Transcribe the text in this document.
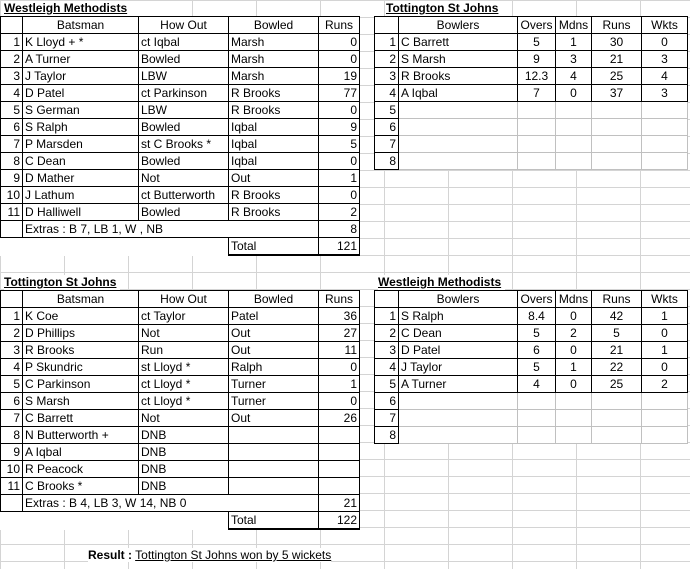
Westleigh Methodists
	Batsman	How Out	Bowled	Runs
1	K Lloyd + *	ct Iqbal	Marsh	0
2	A Turner	Bowled	Marsh	0
3	J Taylor	LBW	Marsh	19
4	D Patel	ct Parkinson	R Brooks	77
5	S German	LBW	R Brooks	0
6	S Ralph	Bowled	Iqbal	9
7	P Marsden	st C Brooks *	Iqbal	5
8	C Dean	Bowled	Iqbal	0
9	D Mather	Not	Out	1
10	J Lathum	ct Butterworth	R Brooks	0
11	D Halliwell	Bowled	R Brooks	2
	Extras : B 7, LB 1, W , NB			8
			Total	121
Tottington St Johns
	Bowlers	Overs	Mdns	Runs	Wkts
1	C Barrett	5	1	30	0
2	S Marsh	9	3	21	3
3	R Brooks	12.3	4	25	4
4	A Iqbal	7	0	37	3
5					
6					
7					
8					
Tottington St Johns
	Batsman	How Out	Bowled	Runs
1	K Coe	ct Taylor	Patel	36
2	D Phillips	Not	Out	27
3	R Brooks	Run	Out	11
4	P Skundric	st Lloyd *	Ralph	0
5	C Parkinson	ct Lloyd *	Turner	1
6	S Marsh	ct Lloyd *	Turner	0
7	C Barrett	Not	Out	26
8	N Butterworth +	DNB		
9	A Iqbal	DNB		
10	R Peacock	DNB		
11	C Brooks *	DNB		
	Extras : B 4, LB 3, W 14, NB 0			21
			Total	122
Westleigh Methodists
	Bowlers	Overs	Mdns	Runs	Wkts
1	S Ralph	8.4	0	42	1
2	C Dean	5	2	5	0
3	D Patel	6	0	21	1
4	J Taylor	5	1	22	0
5	A Turner	4	0	25	2
6					
7					
8					
Result : Tottington St Johns won by 5 wickets
